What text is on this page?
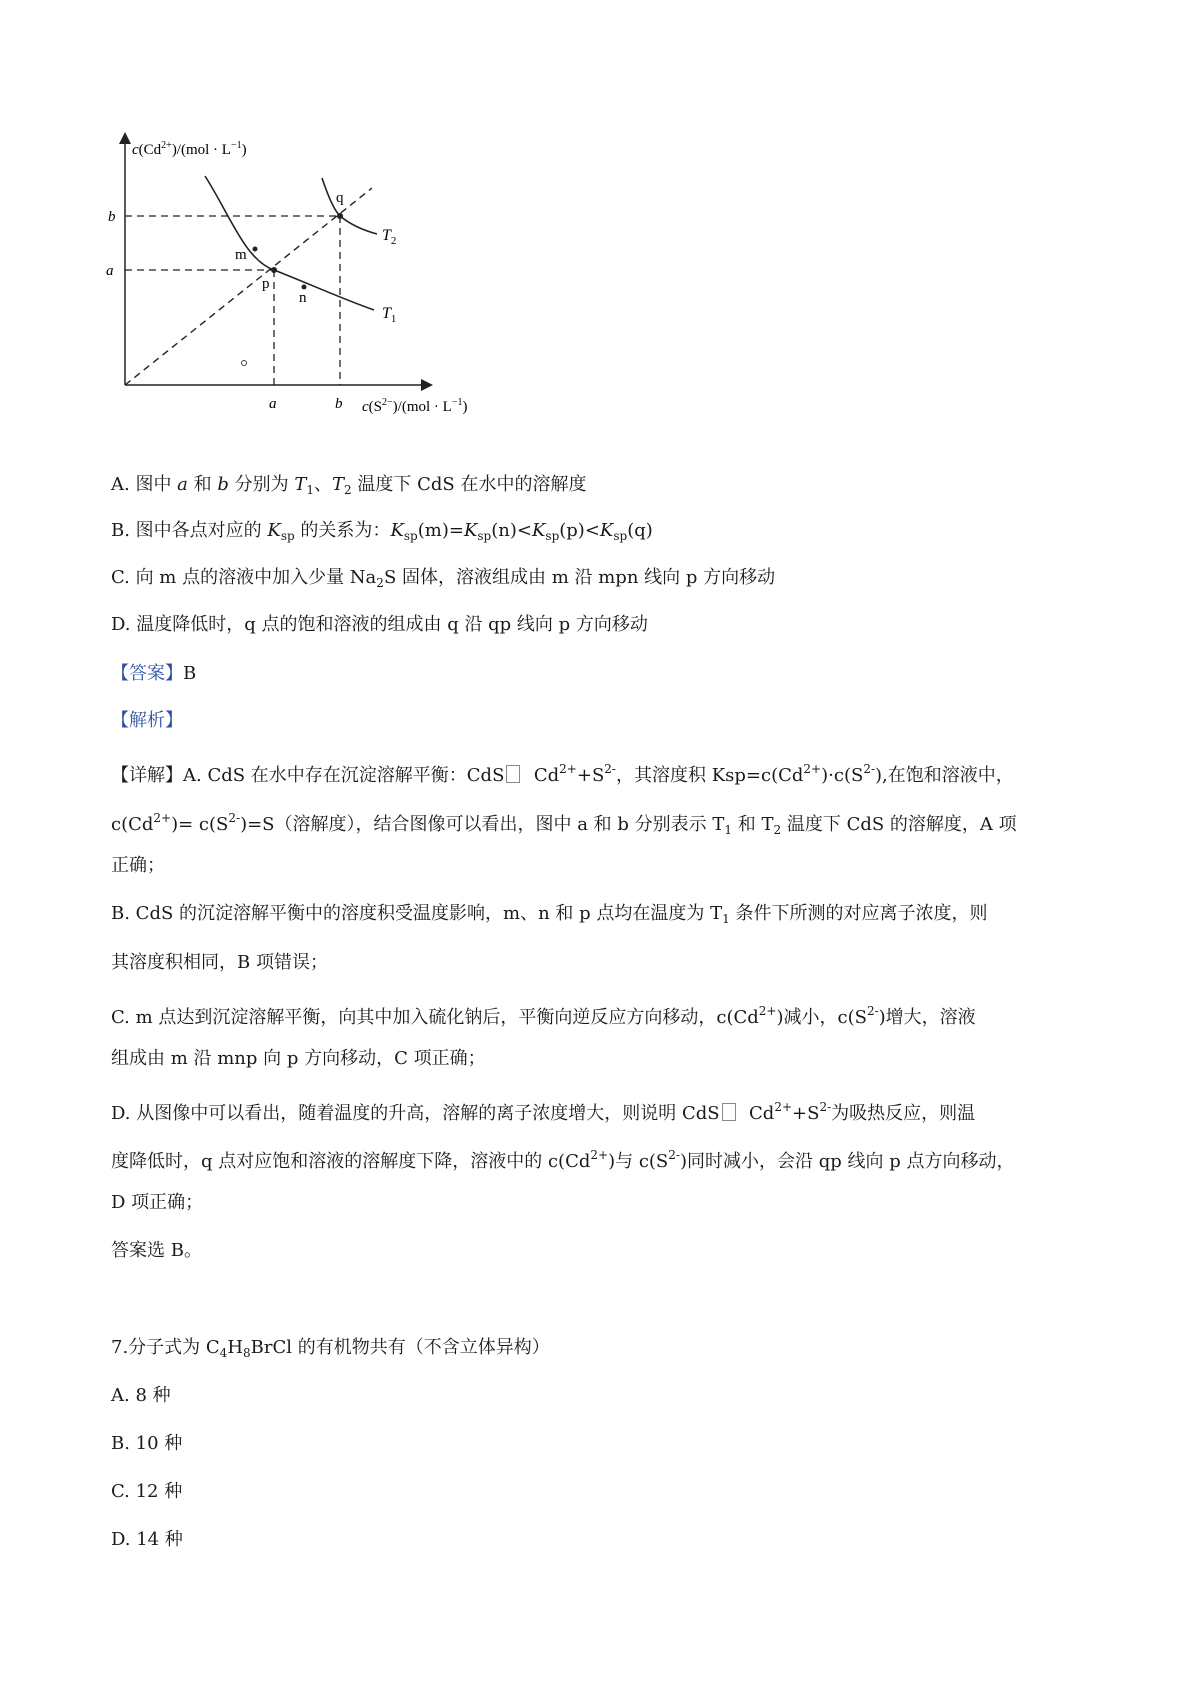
$c(Cd^{2+})/(mol \cdot L^{-1})$
$c(S^{2-})/(mol \cdot L^{-1})$
b
a
a	b
q
m
p
n
$T_2$
$T_1$
A. 图中 a 和 b 分别为 $T_1$、$T_2$ 温度下 CdS 在水中的溶解度
B. 图中各点对应的 $K_{sp}$ 的关系为：$K_{sp}(m)=K_{sp}(n)<K_{sp}(p)<K_{sp}(q)$
C. 向 m 点的溶液中加入少量 $Na_2S$ 固体，溶液组成由 m 沿 mpn 线向 p 方向移动
D. 温度降低时，q 点的饱和溶液的组成由 q 沿 qp 线向 p 方向移动
【答案】B
【解析】
【详解】A. CdS 在水中存在沉淀溶解平衡：CdS $Cd^{2+}+S^{2-}$，其溶度积 $Ksp=c(Cd^{2+})\cdot c(S^{2-})$,在饱和溶液中，
$c(Cd^{2+})= c(S^{2-})=S$（溶解度），结合图像可以看出，图中 a 和 b 分别表示 $T_1$ 和 $T_2$ 温度下 CdS 的溶解度，A 项
正确；
B. CdS 的沉淀溶解平衡中的溶度积受温度影响，m、n 和 p 点均在温度为 $T_1$ 条件下所测的对应离子浓度，则
其溶度积相同，B 项错误；
C. m 点达到沉淀溶解平衡，向其中加入硫化钠后，平衡向逆反应方向移动，$c(Cd^{2+})$减小，$c(S^{2-})$增大，溶液
组成由 m 沿 mnp 向 p 方向移动，C 项正确；
D. 从图像中可以看出，随着温度的升高，溶解的离子浓度增大，则说明 CdS $Cd^{2+}+S^{2-}$为吸热反应，则温
度降低时，q 点对应饱和溶液的溶解度下降，溶液中的 $c(Cd^{2+})$与 $c(S^{2-})$同时减小，会沿 qp 线向 p 点方向移动，
D 项正确；
答案选 B。
7.分子式为 $C_4H_8BrCl$ 的有机物共有（不含立体异构）
A. 8 种
B. 10 种
C. 12 种
D. 14 种
